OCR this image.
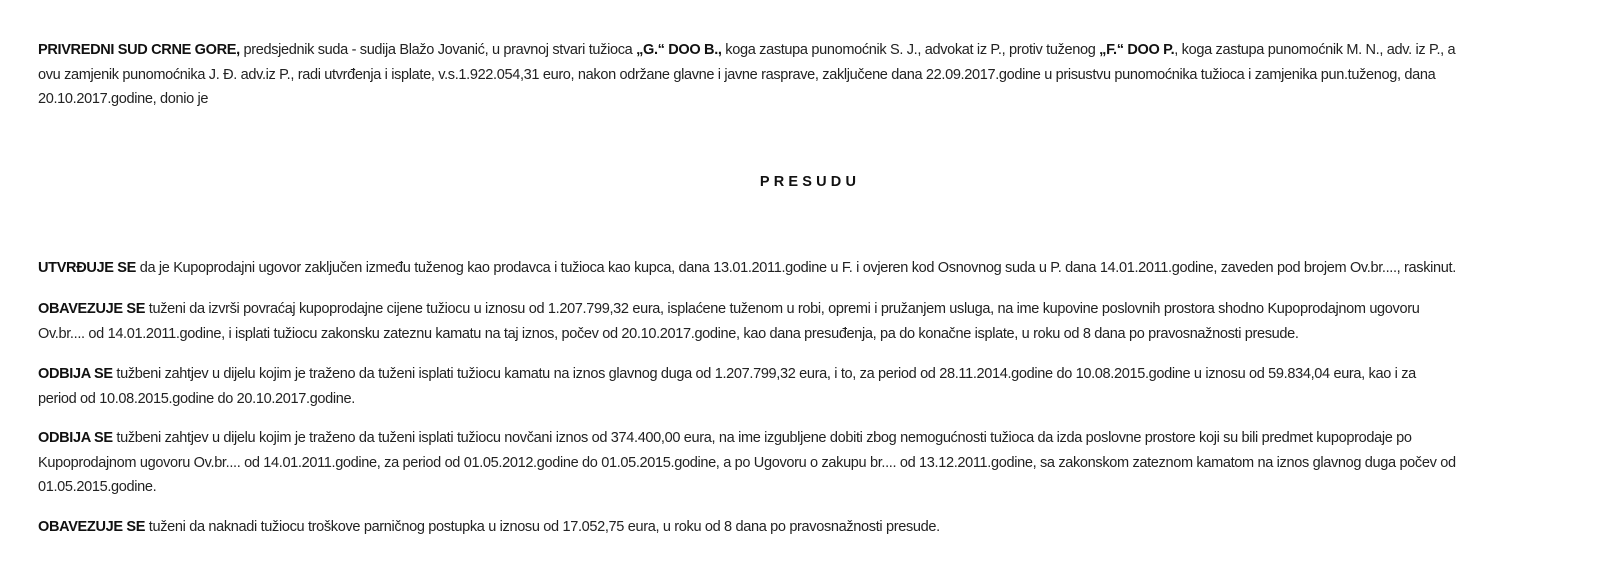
PRIVREDNI SUD CRNE GORE, predsjednik suda - sudija Blažo Jovanić, u pravnoj stvari tužioca „G.“ DOO B., koga zastupa punomoćnik S. J., advokat iz P., protiv tuženog „F.“ DOO P., koga zastupa punomoćnik M. N., adv. iz P., a
ovu zamjenik punomoćnika J. Đ. adv.iz P., radi utvrđenja i isplate, v.s.1.922.054,31 euro, nakon održane glavne i javne rasprave, zaključene dana 22.09.2017.godine u prisustvu punomoćnika tužioca i zamjenika pun.tuženog, dana
20.10.2017.godine, donio je
PRESUDU
UTVRĐUJE SE da je Kupoprodajni ugovor zaključen između tuženog kao prodavca i tužioca kao kupca, dana 13.01.2011.godine u F. i ovjeren kod Osnovnog suda u P. dana 14.01.2011.godine, zaveden pod brojem Ov.br...., raskinut.
OBAVEZUJE SE tuženi da izvrši povraćaj kupoprodajne cijene tužiocu u iznosu od 1.207.799,32 eura, isplaćene tuženom u robi, opremi i pružanjem usluga, na ime kupovine poslovnih prostora shodno Kupoprodajnom ugovoru
Ov.br.... od 14.01.2011.godine, i isplati tužiocu zakonsku zateznu kamatu na taj iznos, počev od 20.10.2017.godine, kao dana presuđenja, pa do konačne isplate, u roku od 8 dana po pravosnažnosti presude.
ODBIJA SE tužbeni zahtjev u dijelu kojim je traženo da tuženi isplati tužiocu kamatu na iznos glavnog duga od 1.207.799,32 eura, i to, za period od 28.11.2014.godine do 10.08.2015.godine u iznosu od 59.834,04 eura, kao i za
period od 10.08.2015.godine do 20.10.2017.godine.
ODBIJA SE tužbeni zahtjev u dijelu kojim je traženo da tuženi isplati tužiocu novčani iznos od 374.400,00 eura, na ime izgubljene dobiti zbog nemogućnosti tužioca da izda poslovne prostore koji su bili predmet kupoprodaje po
Kupoprodajnom ugovoru Ov.br.... od 14.01.2011.godine, za period od 01.05.2012.godine do 01.05.2015.godine, a po Ugovoru o zakupu br.... od 13.12.2011.godine, sa zakonskom zateznom kamatom na iznos glavnog duga počev od
01.05.2015.godine.
OBAVEZUJE SE tuženi da naknadi tužiocu troškove parničnog postupka u iznosu od 17.052,75 eura, u roku od 8 dana po pravosnažnosti presude.
